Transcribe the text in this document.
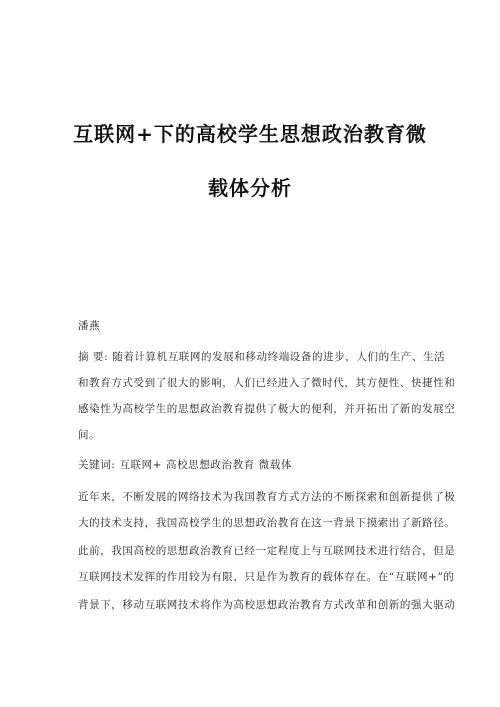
互联网+下的高校学生思想政治教育微
载体分析
潘燕
摘 要: 随着计算机互联网的发展和移动终端设备的进步，人们的生产、生活
和教育方式受到了很大的影响，人们已经进入了微时代，其方便性、快捷性和
感染性为高校学生的思想政治教育提供了极大的便利，并开拓出了新的发展空
间。
关键词: 互联网+ 高校思想政治教育 微载体
近年来，不断发展的网络技术为我国教育方式方法的不断探索和创新提供了极
大的技术支持，我国高校学生的思想政治教育在这一背景下摸索出了新路径。
此前，我国高校的思想政治教育已经一定程度上与互联网技术进行结合，但是
互联网技术发挥的作用较为有限，只是作为教育的载体存在。在“互联网+”的
背景下，移动互联网技术将作为高校思想政治教育方式改革和创新的强大驱动
